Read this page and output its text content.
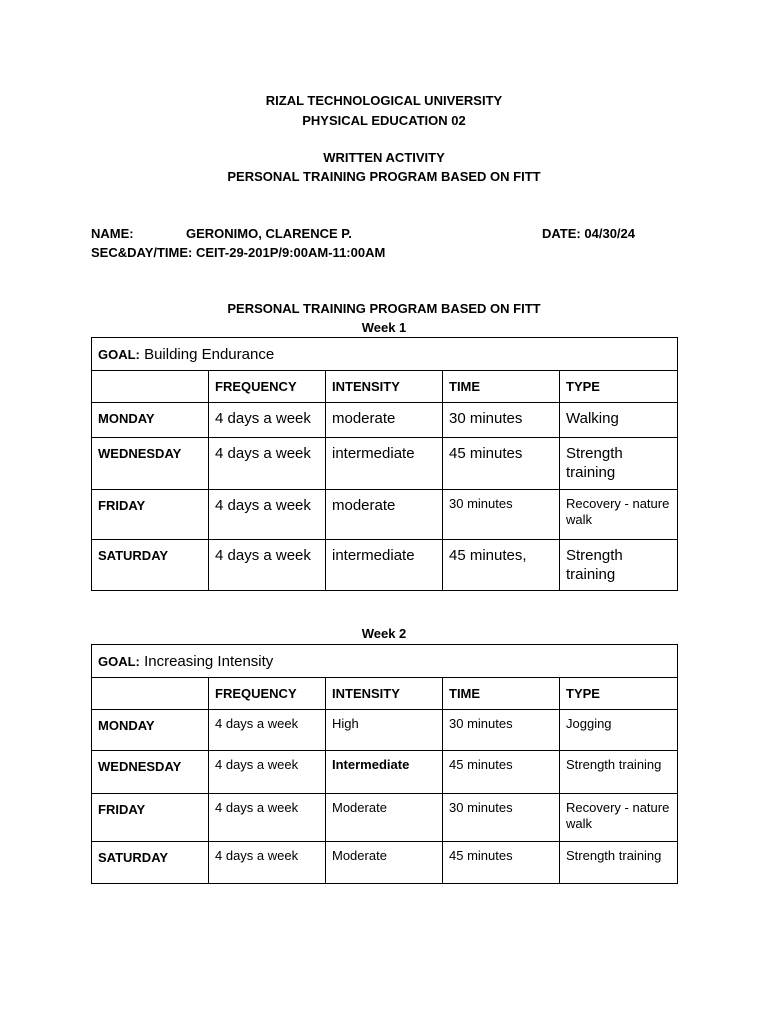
RIZAL TECHNOLOGICAL UNIVERSITY
PHYSICAL EDUCATION 02
WRITTEN ACTIVITY
PERSONAL TRAINING PROGRAM BASED ON FITT
NAME:	GERONIMO, CLARENCE P.	DATE: 04/30/24
SEC&DAY/TIME: CEIT-29-201P/9:00AM-11:00AM
PERSONAL TRAINING PROGRAM BASED ON FITT
Week 1
GOAL: Building Endurance				
	FREQUENCY	INTENSITY	TIME	TYPE
MONDAY	4 days a week	moderate	30 minutes	Walking
WEDNESDAY	4 days a week	intermediate	45 minutes	Strength training
FRIDAY	4 days a week	moderate	30 minutes	Recovery - nature walk
SATURDAY	4 days a week	intermediate	45 minutes,	Strength training
Week 2
GOAL: Increasing Intensity				
	FREQUENCY	INTENSITY	TIME	TYPE
MONDAY	4 days a week	High	30 minutes	Jogging
WEDNESDAY	4 days a week	Intermediate	45 minutes	Strength training
FRIDAY	4 days a week	Moderate	30 minutes	Recovery - nature walk
SATURDAY	4 days a week	Moderate	45 minutes	Strength training
